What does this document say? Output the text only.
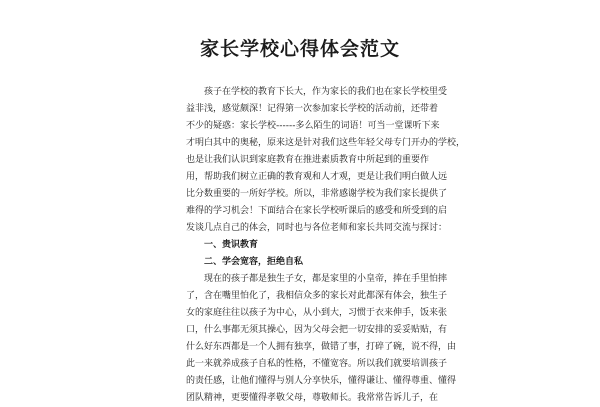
家长学校心得体会范文
孩子在学校的教育下长大，作为家长的我们也在家长学校里受
益非浅，感觉颇深！记得第一次参加家长学校的活动前，还带着
不少的疑惑：家长学校------多么陌生的词语！可当一堂课听下来
才明白其中的奥秘，原来这是针对我们这些年轻父母专门开办的学校，
也是让我们认识到家庭教育在推进素质教育中所起到的重要作
用，帮助我们树立正确的教育观和人才观，更是让我们明白做人远
比分数重要的一所好学校。所以，非常感谢学校为我们家长提供了
难得的学习机会！下面结合在家长学校听课后的感受和所受到的启
发谈几点自己的体会，同时也与各位老师和家长共同交流与探讨：
一、贵识教育
二、学会宽容，拒绝自私
现在的孩子都是独生子女，都是家里的小皇帝，捧在手里怕摔
了，含在嘴里怕化了，我相信众多的家长对此都深有体会，独生子
女的家庭往往以孩子为中心，从小到大，习惯于衣来伸手，饭来张
口，什么事都无须其操心，因为父母会把一切安排的妥妥贴贴，有
什么好东西都是一个人拥有独享，做错了事，打碎了碗，说不得，由
此一来就养成孩子自私的性格，不懂宽容。所以我们就要培训孩子
的责任感，让他们懂得与别人分享快乐，懂得谦让、懂得尊重、懂得
团队精神，更要懂得孝敬父母，尊敬师长。我常常告诉儿子，在
